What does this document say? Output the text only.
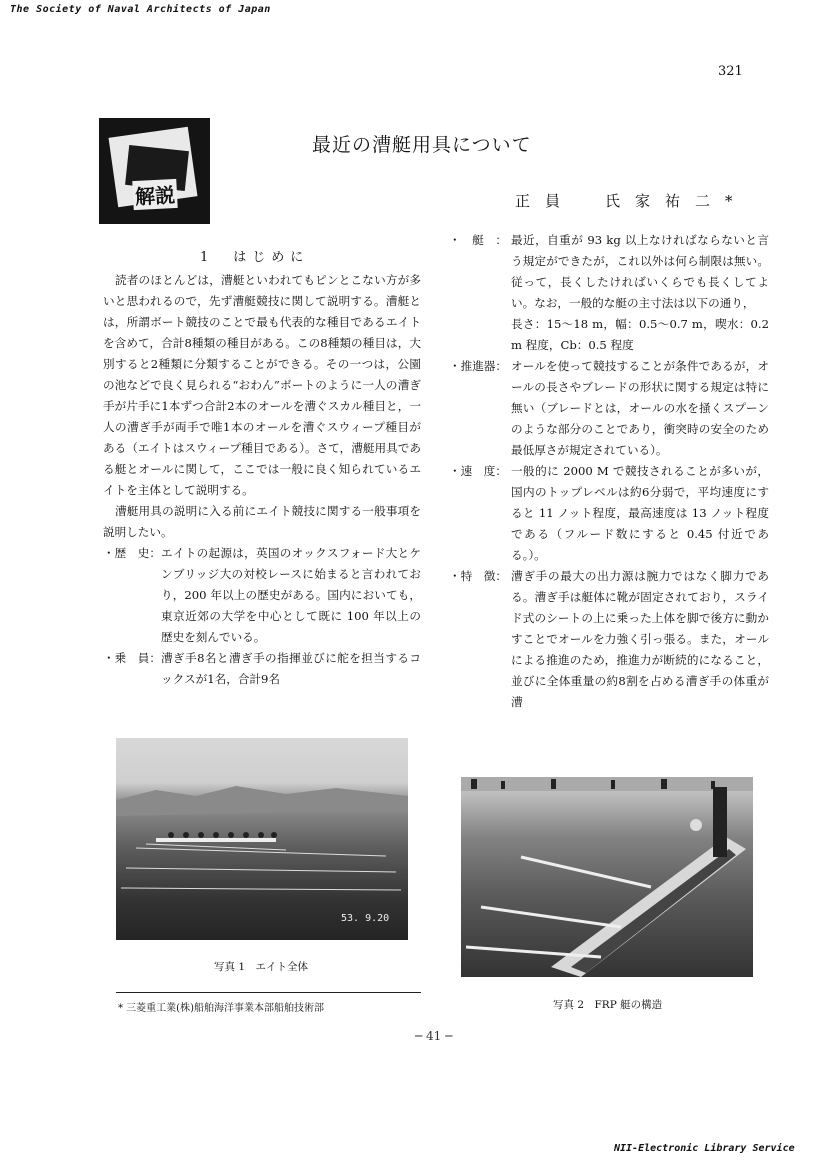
The Society of Naval Architects of Japan
321
解説
最近の漕艇用具について
正員　氏家祐二*
1　はじめに

読者のほとんどは，漕艇といわれてもピンとこない方が多いと思われるので，先ず漕艇競技に関して説明する。漕艇とは，所謂ボート競技のことで最も代表的な種目であるエイトを含めて，合計8種類の種目がある。この8種類の種目は，大別すると2種類に分類することができる。その一つは，公園の池などで良く見られる“おわん”ボートのように一人の漕ぎ手が片手に1本ずつ合計2本のオールを漕ぐスカル種目と，一人の漕ぎ手が両手で唯1本のオールを漕ぐスウィープ種目がある（エイトはスウィープ種目である）。さて，漕艇用具である艇とオールに関して，ここでは一般に良く知られているエイトを主体として説明する。

漕艇用具の説明に入る前にエイト競技に関する一般事項を説明したい。

・歴　史： エイトの起源は，英国のオックスフォード大とケンブリッジ大の対校レースに始まると言われており，200 年以上の歴史がある。国内においても，東京近郊の大学を中心として既に 100 年以上の歴史を刻んでいる。
・乗　員： 漕ぎ手8名と漕ぎ手の指揮並びに舵を担当するコックスが1名，合計9名
・　艇　： 最近，自重が 93 kg 以上なければならないと言う規定ができたが，これ以外は何ら制限は無い。従って，長くしたければいくらでも長くしてよい。なお，一般的な艇の主寸法は以下の通り，
長さ：15～18 m，幅：0.5～0.7 m，喫水：0.2 m 程度，Cb：0.5 程度
・推進器： オールを使って競技することが条件であるが，オールの長さやブレードの形状に関する規定は特に無い（ブレードとは，オールの水を掻くスプーンのような部分のことであり，衝突時の安全のため最低厚さが規定されている）。
・速　度： 一般的に 2000 M で競技されることが多いが，国内のトップレベルは約6分弱で，平均速度にすると 11 ノット程度，最高速度は 13 ノット程度である（フルード数にすると 0.45 付近である。）。
・特　徴： 漕ぎ手の最大の出力源は腕力ではなく脚力である。漕ぎ手は艇体に靴が固定されており，スライド式のシートの上に乗った上体を脚で後方に動かすことでオールを力強く引っ張る。また，オールによる推進のため，推進力が断続的になること，並びに全体重量の約8割を占める漕ぎ手の体重が漕
53. 9.20
写真 1　エイト全体
写真 2　FRP 艇の構造
* 三菱重工業(株)船舶海洋事業本部船舶技術部
─ 41 ─
NII-Electronic Library Service
